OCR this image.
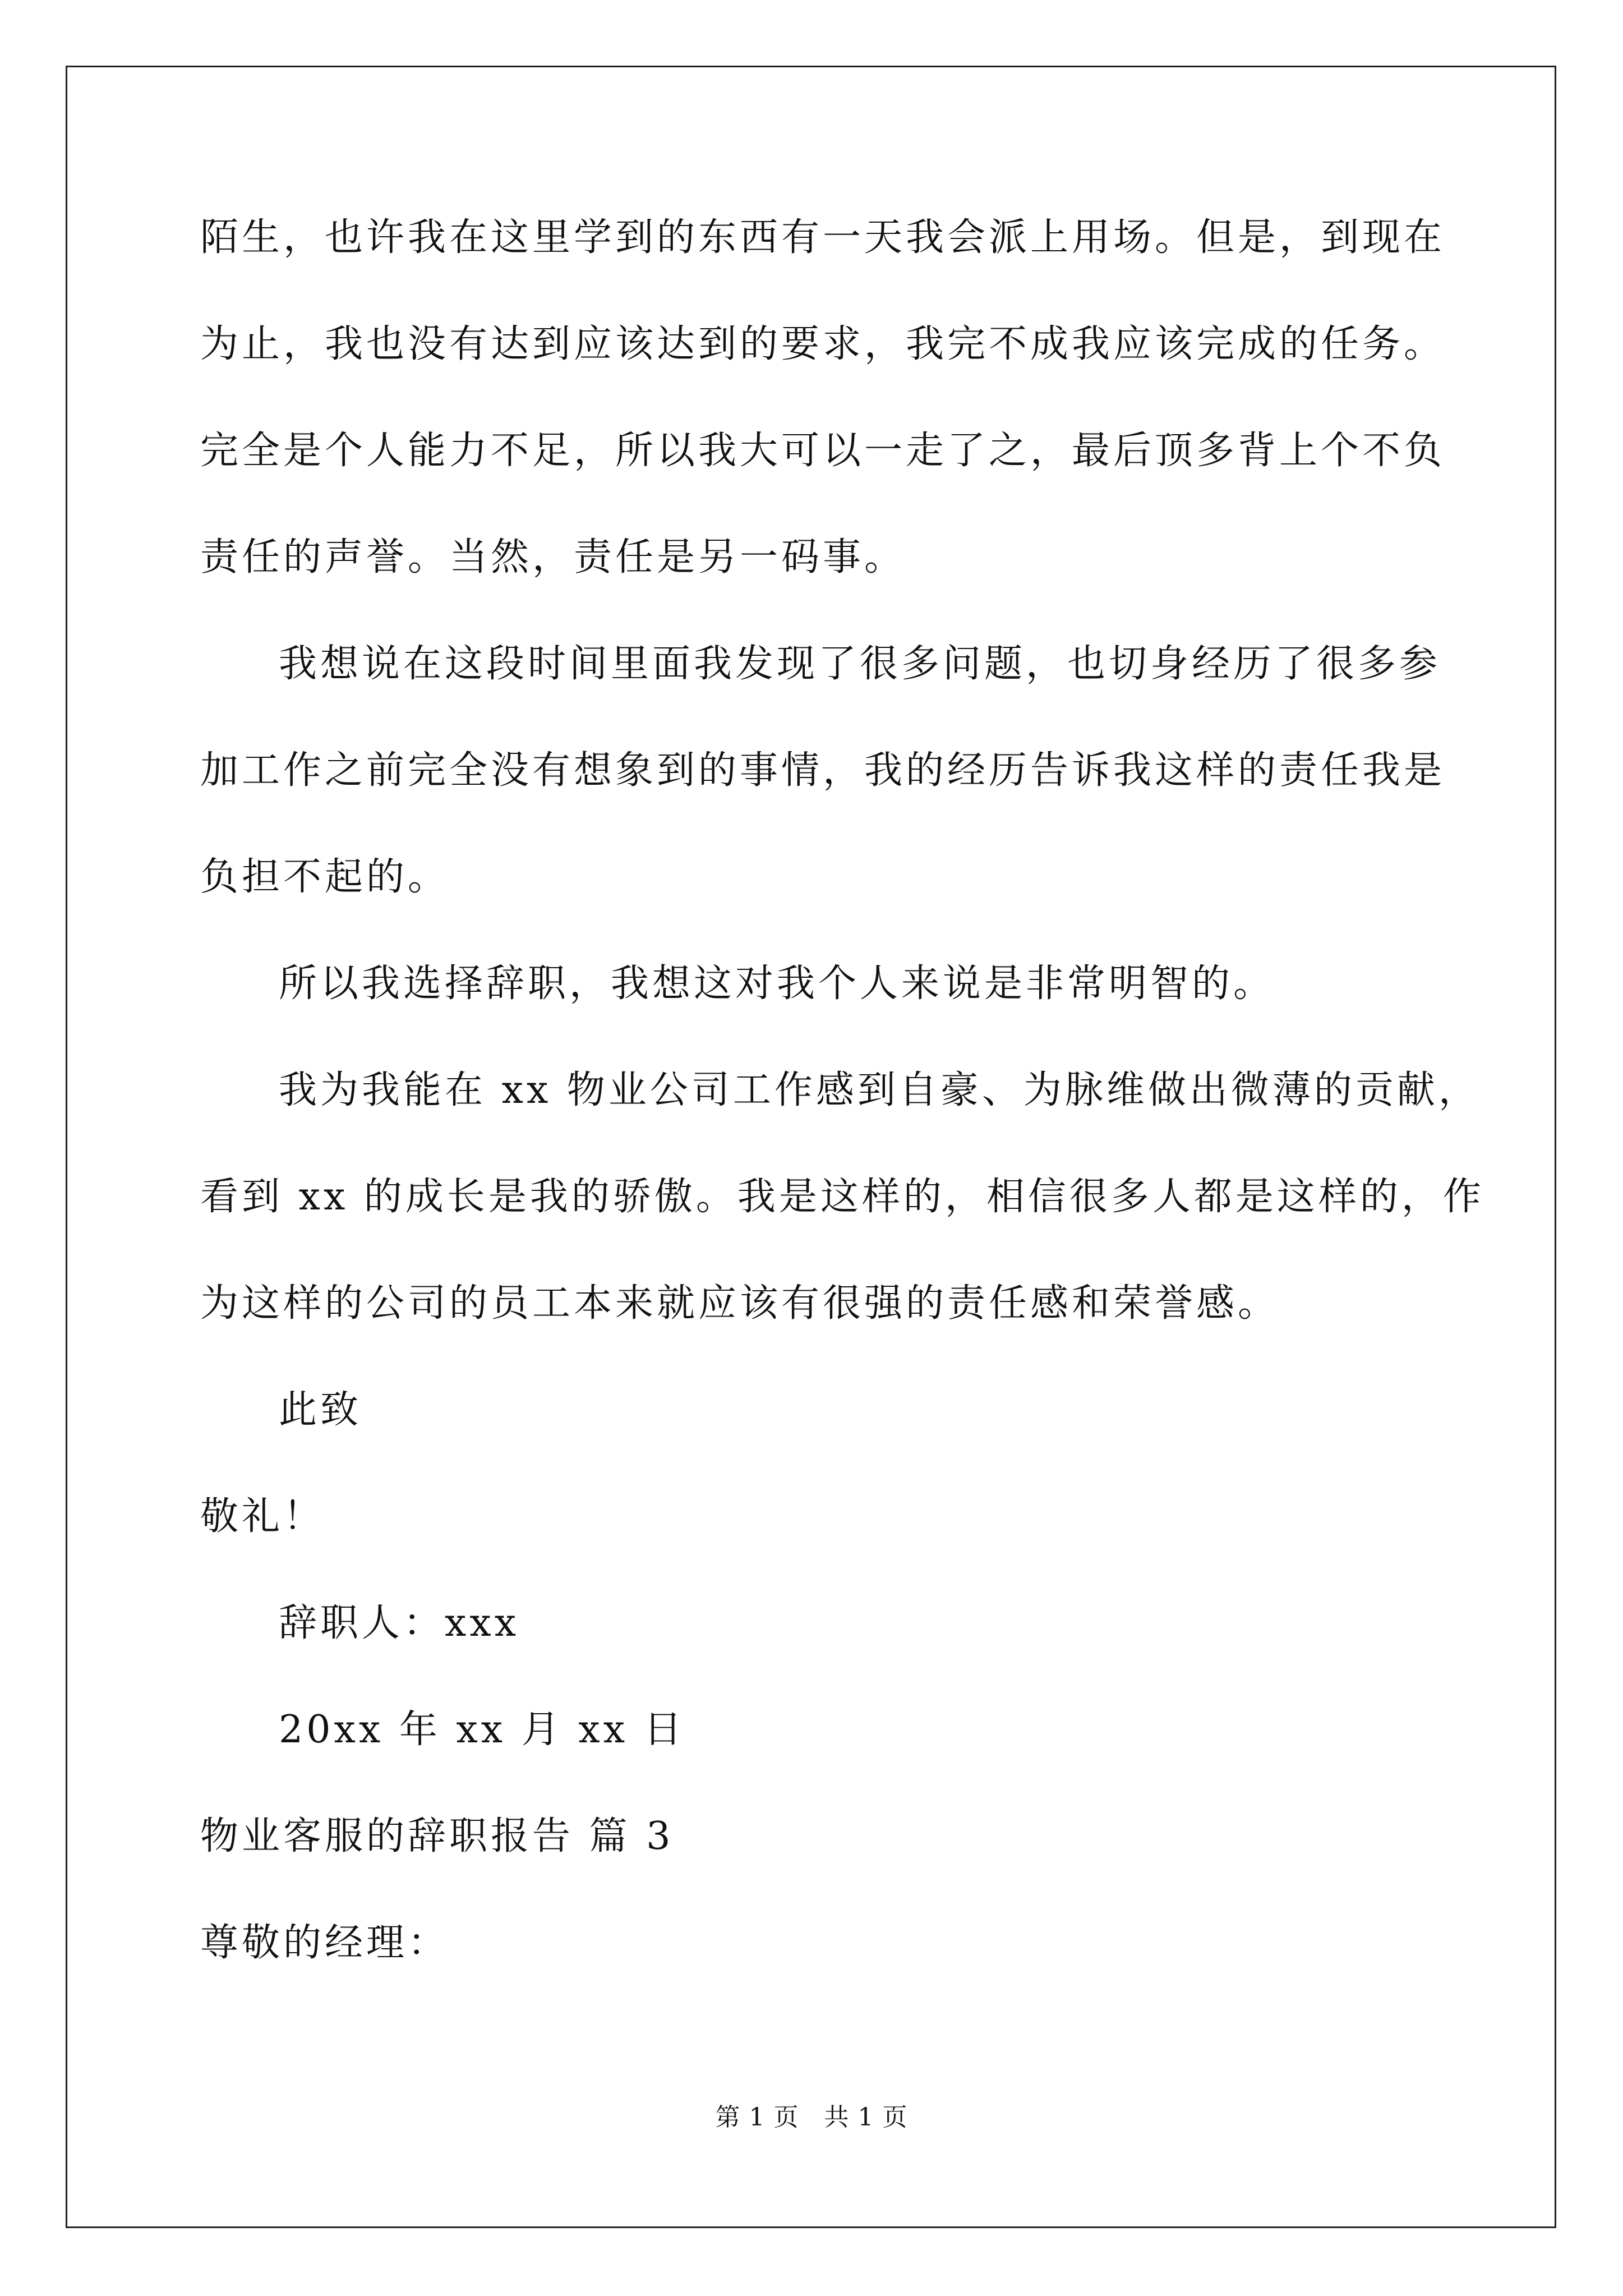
陌生，也许我在这里学到的东西有一天我会派上用场。但是，到现在
为止，我也没有达到应该达到的要求，我完不成我应该完成的任务。
完全是个人能力不足，所以我大可以一走了之，最后顶多背上个不负
责任的声誉。当然，责任是另一码事。
我想说在这段时间里面我发现了很多问题，也切身经历了很多参
加工作之前完全没有想象到的事情，我的经历告诉我这样的责任我是
负担不起的。
所以我选择辞职，我想这对我个人来说是非常明智的。
我为我能在 xx 物业公司工作感到自豪、为脉维做出微薄的贡献，
看到 xx 的成长是我的骄傲。我是这样的，相信很多人都是这样的，作
为这样的公司的员工本来就应该有很强的责任感和荣誉感。
此致
敬礼！
辞职人：xxx
20xx 年 xx 月 xx 日
物业客服的辞职报告 篇 3
尊敬的经理：
第 1 页　共 1 页
